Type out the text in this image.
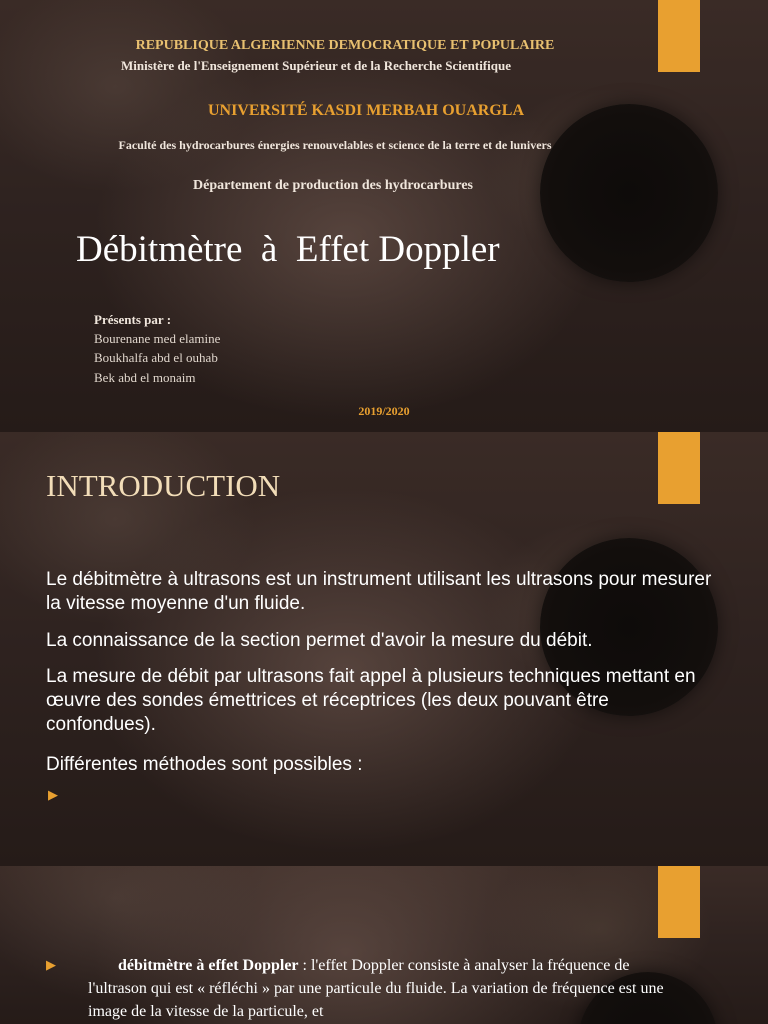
REPUBLIQUE ALGERIENNE DEMOCRATIQUE ET POPULAIRE
Ministère de l'Enseignement Supérieur et de la Recherche Scientifique
UNIVERSITÉ KASDI MERBAH OUARGLA
Faculté des hydrocarbures énergies renouvelables et science de la terre et de lunivers
Département de production des hydrocarbures
Débitmètre  à  Effet Doppler
Présents par :
Bourenane med elamine
Boukhalfa abd el ouhab
Bek abd el monaim
2019/2020
INTRODUCTION
Le débitmètre à ultrasons est un instrument utilisant les ultrasons pour mesurer la vitesse moyenne d'un fluide.
La connaissance de la section permet d'avoir la mesure du débit.
La mesure de débit par ultrasons fait appel à plusieurs techniques mettant en œuvre des sondes émettrices et réceptrices (les deux pouvant être confondues).
Différentes méthodes sont possibles :
▶
▶	débitmètre à effet Doppler : l'effet Doppler consiste à analyser la fréquence de l'ultrason qui est « réfléchi » par une particule du fluide. La variation de fréquence est une image de la vitesse de la particule, et
